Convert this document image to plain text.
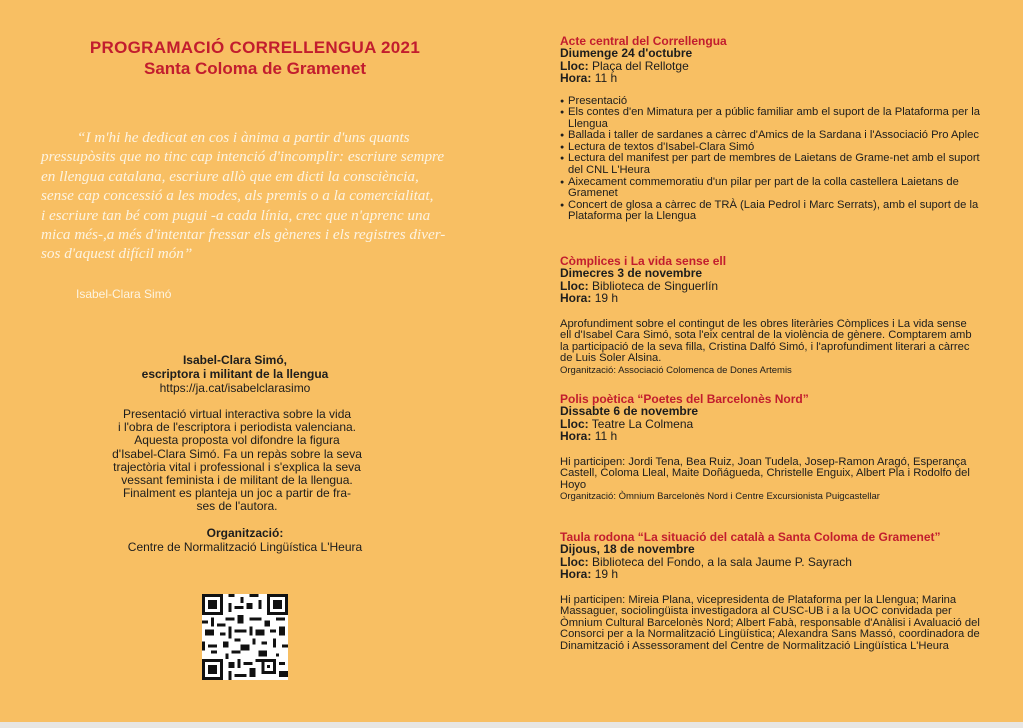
PROGRAMACIÓ CORRELLENGUA 2021
Santa Coloma de Gramenet
“I m'hi he dedicat en cos i ànima a partir d'uns quants
pressupòsits que no tinc cap intenció d'incomplir: escriure sempre
en llengua catalana, escriure allò que em dicti la consciència,
sense cap concessió a les modes, als premis o a la comercialitat,
i escriure tan bé com pugui -a cada línia, crec que n'aprenc una
mica més-,a més d'intentar fressar els gèneres i els registres diver-
sos d'aquest difícil món”
Isabel-Clara Simó
Isabel-Clara Simó,
escriptora i militant de la llengua
https://ja.cat/isabelclarasimo
Presentació virtual interactiva sobre la vida
i l'obra de l'escriptora i periodista valenciana.
Aquesta proposta vol difondre la figura
d'Isabel-Clara Simó. Fa un repàs sobre la seva
trajectòria vital i professional i s'explica la seva
vessant feminista i de militant de la llengua.
Finalment es planteja un joc a partir de fra-
ses de l'autora.
Organització:
Centre de Normalització Lingüística L'Heura
Acte central del Correllengua
Diumenge 24 d'octubre
Lloc: Plaça del Rellotge
Hora: 11 h
● Presentació
● Els contes d'en Mimatura per a públic familiar amb el suport de la Plataforma per la Llengua
● Ballada i taller de sardanes a càrrec d'Amics de la Sardana i l'Associació Pro Aplec
● Lectura de textos d'Isabel-Clara Simó
● Lectura del manifest per part de membres de Laietans de Grame-net amb el suport del CNL L'Heura
● Aixecament commemoratiu d'un pilar per part de la colla castellera Laietans de Gramenet
● Concert de glosa a càrrec de TRÀ (Laia Pedrol i Marc Serrats), amb el suport de la Plataforma per la Llengua
Còmplices i La vida sense ell
Dimecres 3 de novembre
Lloc: Biblioteca de Singuerlín
Hora: 19 h

Aprofundiment sobre el contingut de les obres literàries Còmplices i La vida sense ell d'Isabel Cara Simó, sota l'eix central de la violència de gènere. Comptarem amb la participació de la seva filla, Cristina Dalfó Simó, i l'aprofundiment literari a càrrec de Luis Soler Alsina.

Organització: Associació Colomenca de Dones Artemis

Polis poètica “Poetes del Barcelonès Nord”
Dissabte 6 de novembre
Lloc: Teatre La Colmena
Hora: 11 h

Hi participen: Jordi Tena, Bea Ruiz, Joan Tudela, Josep-Ramon Aragó, Esperança Castell, Coloma Lleal, Maite Doñágueda, Christelle Enguix, Albert Pla i Rodolfo del Hoyo

Organització: Òmnium Barcelonès Nord i Centre Excursionista Puigcastellar

Taula rodona “La situació del català a Santa Coloma de Gramenet”
Dijous, 18 de novembre
Lloc: Biblioteca del Fondo, a la sala Jaume P. Sayrach
Hora: 19 h

Hi participen: Mireia Plana, vicepresidenta de Plataforma per la Llengua; Marina Massaguer, sociolingüista investigadora al CUSC-UB i a la UOC convidada per Òmnium Cultural Barcelonès Nord; Albert Fabà, responsable d'Anàlisi i Avaluació del Consorci per a la Normalització Lingüística; Alexandra Sans Massó, coordinadora de Dinamització i Assessorament del Centre de Normalització Lingüística L'Heura
